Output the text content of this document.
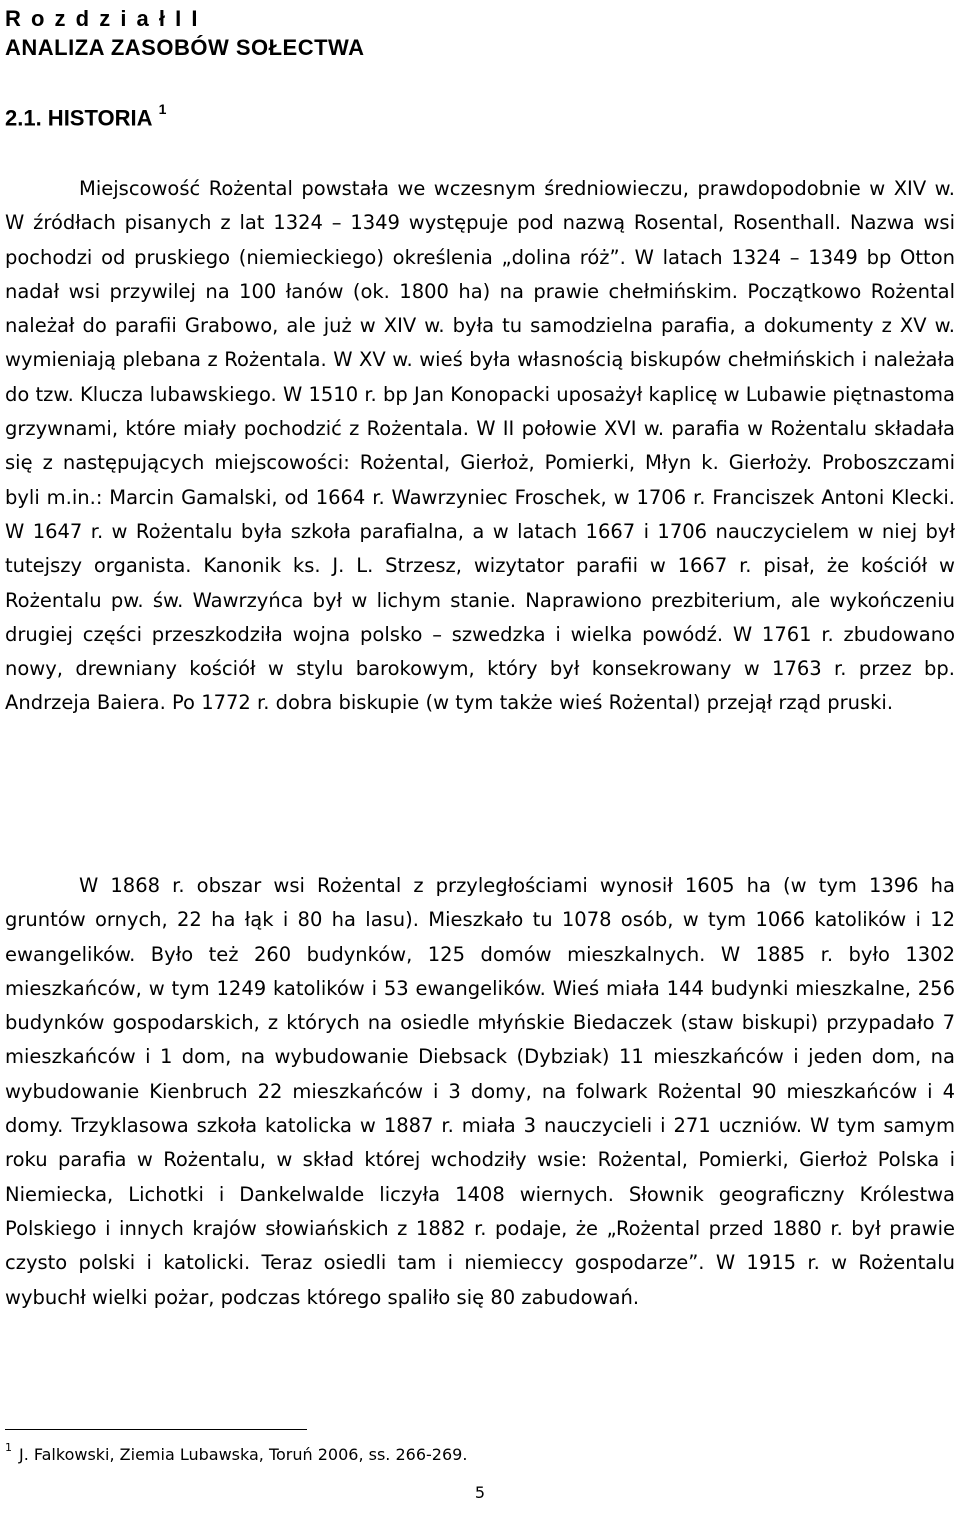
R o z d z i a ł I I
ANALIZA ZASOBÓW SOŁECTWA
2.1. HISTORIA $^1$

Miejscowość Rożental powstała we wczesnym średniowieczu, prawdopodobnie w XIV w. W źródłach pisanych z lat 1324 – 1349 występuje pod nazwą Rosental, Rosenthall. Nazwa wsi pochodzi od pruskiego (niemieckiego) określenia „dolina róż”. W latach 1324 – 1349 bp Otton nadał wsi przywilej na 100 łanów (ok. 1800 ha) na prawie chełmińskim. Początkowo Rożental należał do parafii Grabowo, ale już w XIV w. była tu samodzielna parafia, a dokumenty z XV w. wymieniają plebana z Rożentala. W XV w. wieś była własnością biskupów chełmińskich i należała do tzw. Klucza lubawskiego. W 1510 r. bp Jan Konopacki uposażył kaplicę w Lubawie piętnastoma grzywnami, które miały pochodzić z Rożentala. W II połowie XVI w. parafia w Rożentalu składała się z następujących miejscowości: Rożental, Gierłoż, Pomierki, Młyn k. Gierłoży. Proboszczami byli m.in.: Marcin Gamalski, od 1664 r. Wawrzyniec Froschek, w 1706 r. Franciszek Antoni Klecki. W 1647 r. w Rożentalu była szkoła parafialna, a w latach 1667 i 1706 nauczycielem w niej był tutejszy organista. Kanonik ks. J. L. Strzesz, wizytator parafii w 1667 r. pisał, że kościół w Rożentalu pw. św. Wawrzyńca był w lichym stanie. Naprawiono prezbiterium, ale wykończeniu drugiej części przeszkodziła wojna polsko – szwedzka i wielka powódź. W 1761 r. zbudowano nowy, drewniany kościół w stylu barokowym, który był konsekrowany w 1763 r. przez bp. Andrzeja Baiera. Po 1772 r. dobra biskupie (w tym także wieś Rożental) przejął rząd pruski.

W 1868 r. obszar wsi Rożental z przyległościami wynosił 1605 ha (w tym 1396 ha gruntów ornych, 22 ha łąk i 80 ha lasu). Mieszkało tu 1078 osób, w tym 1066 katolików i 12 ewangelików. Było też 260 budynków, 125 domów mieszkalnych. W 1885 r. było 1302 mieszkańców, w tym 1249 katolików i 53 ewangelików. Wieś miała 144 budynki mieszkalne, 256 budynków gospodarskich, z których na osiedle młyńskie Biedaczek (staw biskupi) przypadało 7 mieszkańców i 1 dom, na wybudowanie Diebsack (Dybziak) 11 mieszkańców i jeden dom, na wybudowanie Kienbruch 22 mieszkańców i 3 domy, na folwark Rożental 90 mieszkańców i 4 domy. Trzyklasowa szkoła katolicka w 1887 r. miała 3 nauczycieli i 271 uczniów. W tym samym roku parafia w Rożentalu, w skład której wchodziły wsie: Rożental, Pomierki, Gierłoż Polska i Niemiecka, Lichotki i Dankelwalde liczyła 1408 wiernych. Słownik geograficzny Królestwa Polskiego i innych krajów słowiańskich z 1882 r. podaje, że „Rożental przed 1880 r. był prawie czysto polski i katolicki. Teraz osiedli tam i niemieccy gospodarze”. W 1915 r. w Rożentalu wybuchł wielki pożar, podczas którego spaliło się 80 zabudowań.

$^1$ J. Falkowski, Ziemia Lubawska, Toruń 2006, ss. 266-269.
5
